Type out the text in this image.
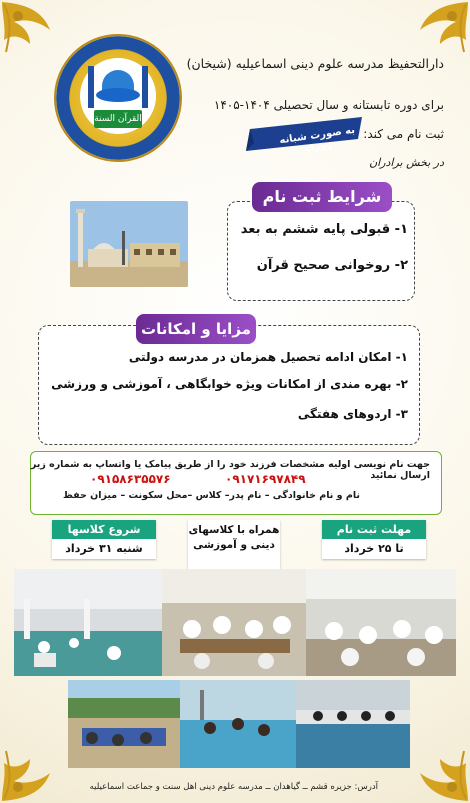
القرآن السنة
دارالتحفیظ مدرسه علوم دینی اسماعیلیه (شیخان)
برای دوره تابستانه و سال تحصیلی ۱۴۰۴-۱۴۰۵
ثبت نام می کند:
به صورت شبانه روزی
در بخش برادران
شرایط ثبت نام
۱- قبولی پایه ششم به بعد
۲- روخوانی صحیح قرآن
مزایا و امکانات
۱- امکان ادامه تحصیل همزمان در مدرسه دولتی
۲- بهره مندی از امکانات ویژه خوابگاهی ، آموزشی و ورزشی
۳- اردوهای هفتگی
جهت نام نویسی اولیه مشخصات فرزند خود را از طریق پیامک یا واتساپ به شماره زیر ارسال نمائید
۰۹۱۷۱۶۹۷۸۴۹
۰۹۱۵۸۶۳۵۵۷۶
نام و نام خانوادگی – نام پدر– کلاس –محل سکونت – میزان حفظ
شروع کلاسها
شنبه ۳۱ خرداد
همراه با کلاسهای دینی و آموزشی
مهلت ثبت نام
تا ۲۵ خرداد
آدرس: جزیره قشم ــ گیاهدان ــ مدرسه علوم دینی اهل سنت و جماعت اسماعیلیه
